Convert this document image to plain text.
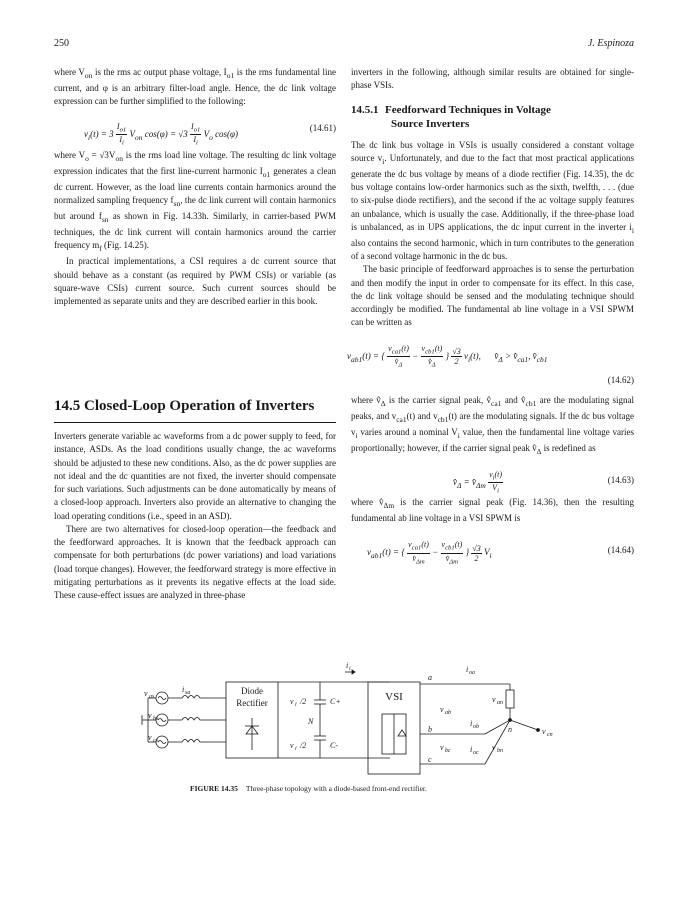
250	J. Espinoza

where $V_{on}$ is the rms ac output phase voltage, $I_{o1}$ is the rms fundamental line current, and φ is an arbitrary filter-load angle. Hence, the dc link voltage expression can be further simplified to the following:

$v_i(t) = 3 \frac{I_{o1}}{I_i} V_{on}$ $\cos(\varphi) = √3 \frac{I_{o1}}{I_i} V_o$ cos(φ)
(14.61)

where $V_o = √3V_{on}$ is the rms load line voltage. The resulting dc link voltage expression indicates that the first line-current harmonic $I_{o1}$ generates a clean dc current. However, as the load line currents contain harmonics around the normalized sampling frequency $f_{sn}$, the dc link current will contain harmonics but around $f_{sn}$ as shown in Fig. 14.33h. Similarly, in carrier-based PWM techniques, the dc link current will contain harmonics around the carrier frequency $m_f$ (Fig. 14.25).

In practical implementations, a CSI requires a dc current source that should behave as a constant (as required by PWM CSIs) or variable (as square-wave CSIs) current source. Such current sources should be implemented as separate units and they are described earlier in this book.

14.5 Closed-Loop Operation of Inverters

Inverters generate variable ac waveforms from a dc power supply to feed, for instance, ASDs. As the load conditions usually change, the ac waveforms should be adjusted to these new conditions. Also, as the dc power supplies are not ideal and the dc quantities are not fixed, the inverter should compensate for such variations. Such adjustments can be done automatically by means of a closed-loop approach. Inverters also provide an alternative to changing the load operating conditions (i.e., speed in an ASD).

There are two alternatives for closed-loop operation—the feedback and the feedforward approaches. It is known that the feedback approach can compensate for both perturbations (dc power variations) and load variations (load torque changes). However, the feedforward strategy is more effective in mitigating perturbations as it prevents its negative effects at the load side. These cause-effect issues are analyzed in three-phase

inverters in the following, although similar results are obtained for single-phase VSIs.

14.5.1 Feedforward Techniques in Voltage
Source Inverters

The dc link bus voltage in VSIs is usually considered a constant voltage source $v_i$. Unfortunately, and due to the fact that most practical applications generate the dc bus voltage by means of a diode rectifier (Fig. 14.35), the dc bus voltage contains low-order harmonics such as the sixth, twelfth, . . . (due to six-pulse diode rectifiers), and the second if the ac voltage supply features an unbalance, which is usually the case. Additionally, if the three-phase load is unbalanced, as in UPS applications, the dc input current in the inverter $i_i$ also contains the second harmonic, which in turn contributes to the generation of a second voltage harmonic in the dc bus.

The basic principle of feedforward approaches is to sense the perturbation and then modify the input in order to compensate for its effect. In this case, the dc link voltage should be sensed and the modulating technique should accordingly be modified. The fundamental ab line voltage in a VSI SPWM can be written as

$v_{ab1}(t)$ = { $\frac{v_{ca1}(t)}{v̂_\Delta} - \frac{v_{cb1}(t)}{v̂_\Delta}$ } $\frac{√3}{2} v_i(t)$,      $v̂_\Delta$ > $v̂_{ca1}$, $v̂_{cb1}$
(14.62)

where $v̂_\Delta$ is the carrier signal peak, $v̂_{ca1}$ and $v̂_{cb1}$ are the modulating signal peaks, and $v_{ca1}(t)$ and $v_{cb1}(t)$ are the modulating signals. If the dc bus voltage $v_i$ varies around a nominal $V_i$ value, then the fundamental line voltage varies proportionally; however, if the carrier signal peak $v̂_\Delta$ is redefined as

$v̂_\Delta$ = $v̂_{\Delta m} \frac{v_i(t)}{V_i}$	(14.63)

where $v̂_{\Delta m}$ is the carrier signal peak (Fig. 14.36), then the resulting fundamental ab line voltage in a VSI SPWM is

$v_{ab1}(t)$ = { $\frac{v_{ca1}(t)}{v̂_{\Delta m}} - \frac{v_{cb1}(t)}{v̂_{\Delta m}}$ } $\frac{√3}{2} V_i$
(14.64)
v as
v bs
v cs
i sa
v i /2
v i /2
C+
C-
N
i i
a
b
c
n
v ab
v bc
i oa
i ob
i oc
v an
v bn
v cn
Diode
Rectifier	VSI
FIGURE 14.35 Three-phase topology with a diode-based front-end rectifier.
